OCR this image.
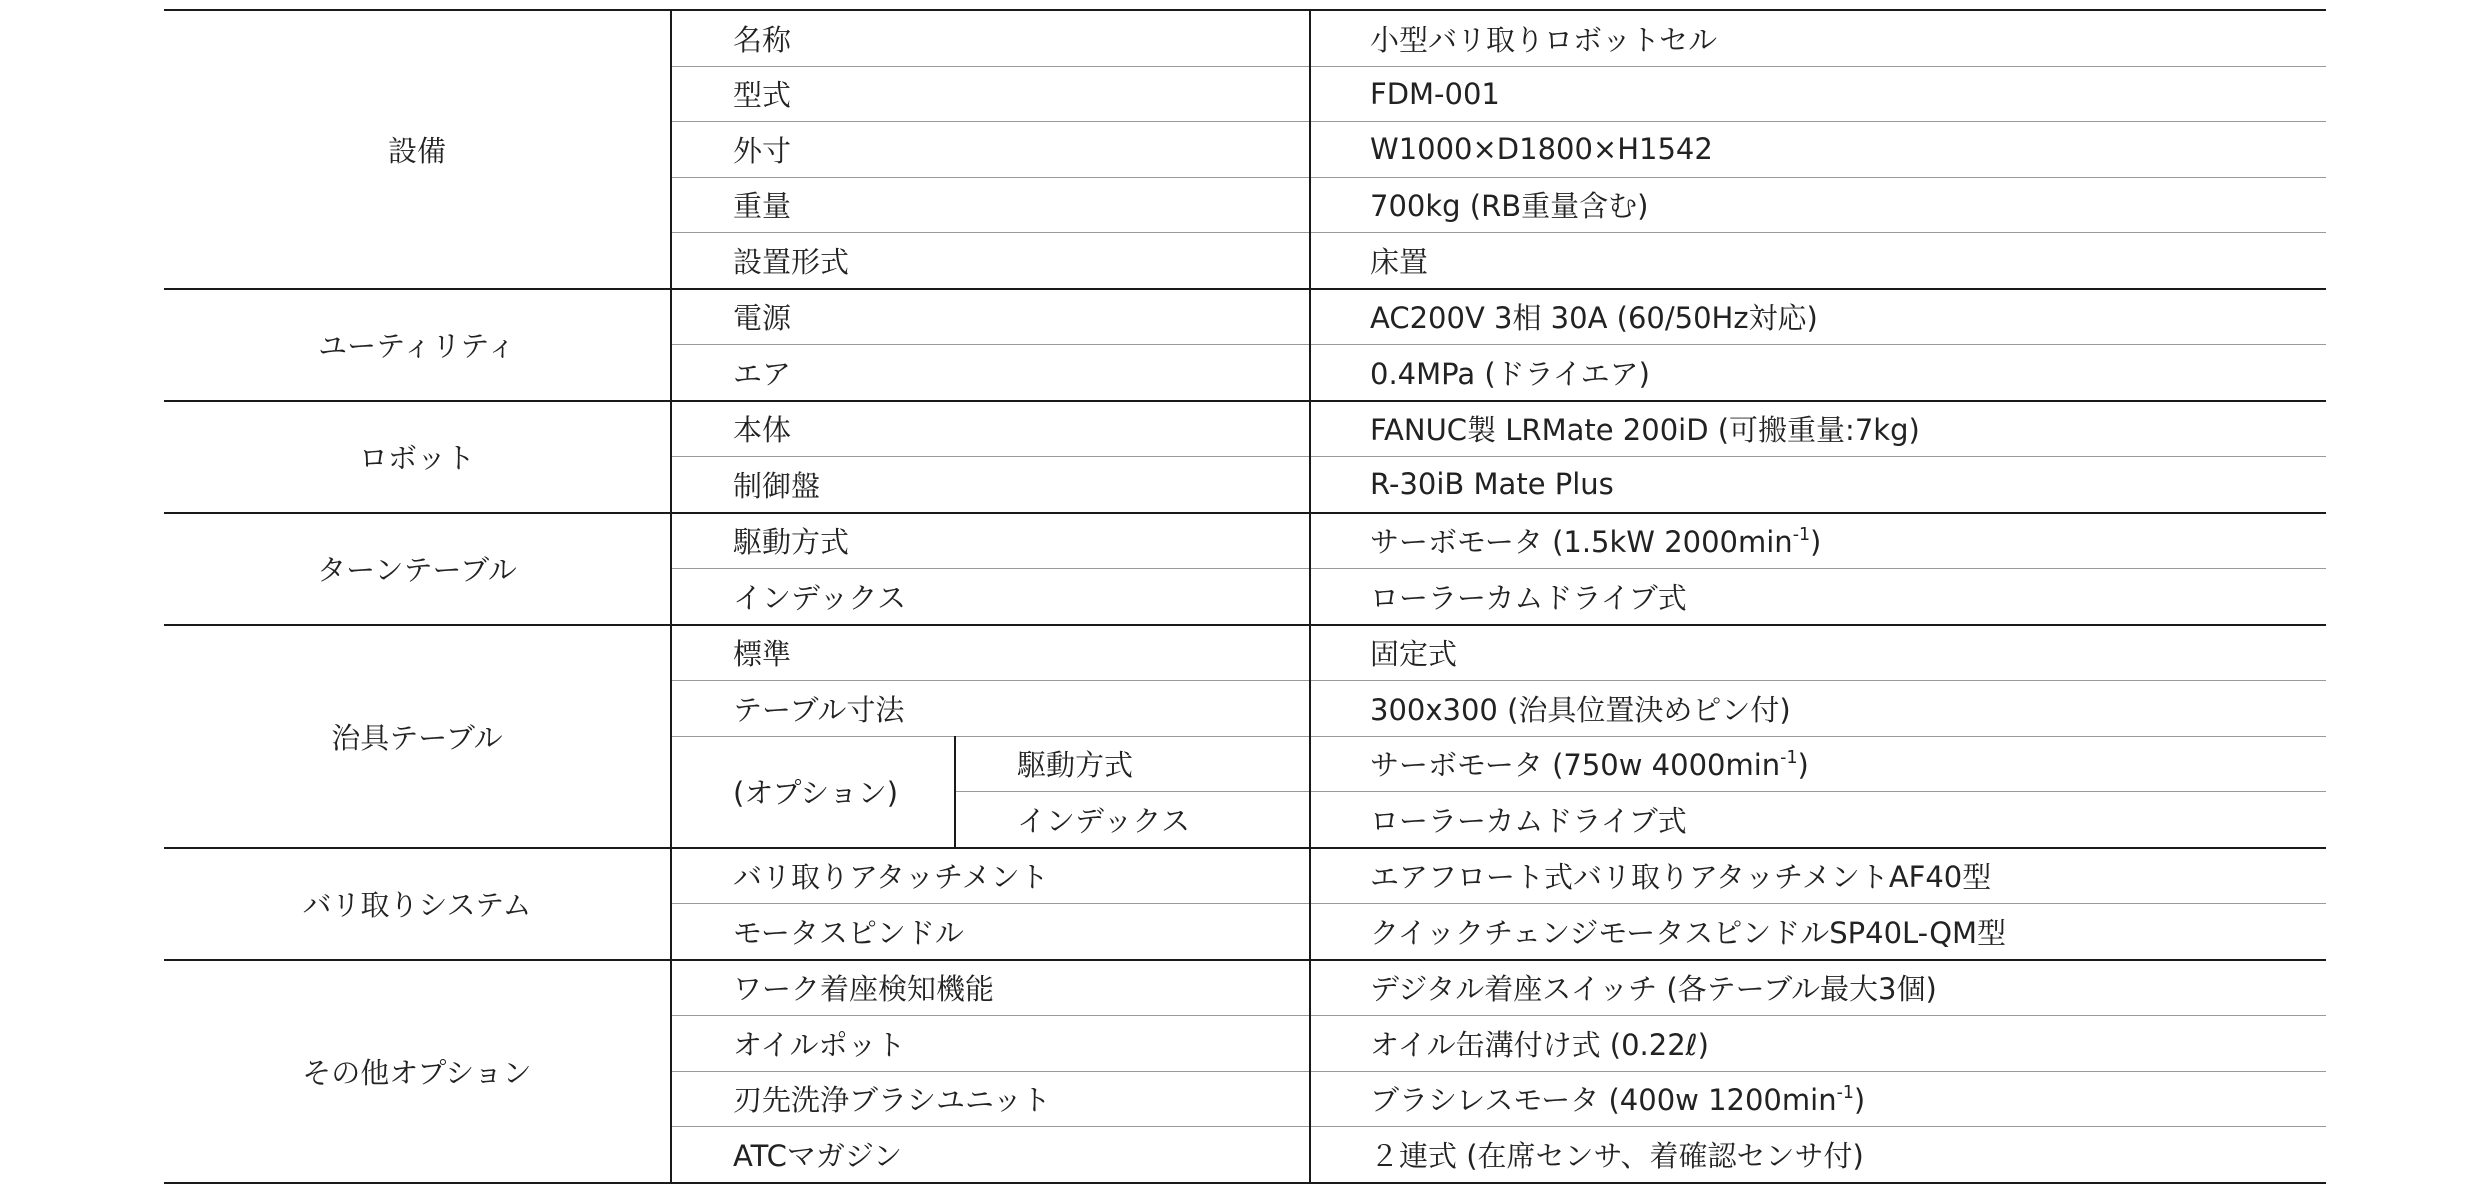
設備	名称		小型バリ取りロボットセル
	型式		FDM-001
	外寸		W1000×D1800×H1542
	重量		700kg (RB重量含む)
	設置形式		床置
ユーティリティ	電源		AC200V 3相 30A (60/50Hz対応)
	エア		0.4MPa (ドライエア)
ロボット	本体		FANUC製 LRMate 200iD (可搬重量:7kg)
	制御盤		R-30iB Mate Plus
ターンテーブル	駆動方式		サーボモータ (1.5kW $2000\min^{-1}$)
	インデックス		ローラーカムドライブ式
治具テーブル	標準		固定式
	テーブル寸法		300x300 (治具位置決めピン付)
	(オプション)	駆動方式	サーボモータ (750w $4000\min^{-1}$)
		インデックス	ローラーカムドライブ式
バリ取りシステム	バリ取りアタッチメント		エアフロート式バリ取りアタッチメントAF40型
	モータスピンドル		クイックチェンジモータスピンドルSP40L-QM型
その他オプション	ワーク着座検知機能		デジタル着座スイッチ (各テーブル最大3個)
	オイルポット		オイル缶溝付け式 (0.22ℓ)
	刃先洗浄ブラシユニット		ブラシレスモータ (400w $1200\min^{-1}$)
	ATCマガジン		２連式 (在席センサ、着確認センサ付)
